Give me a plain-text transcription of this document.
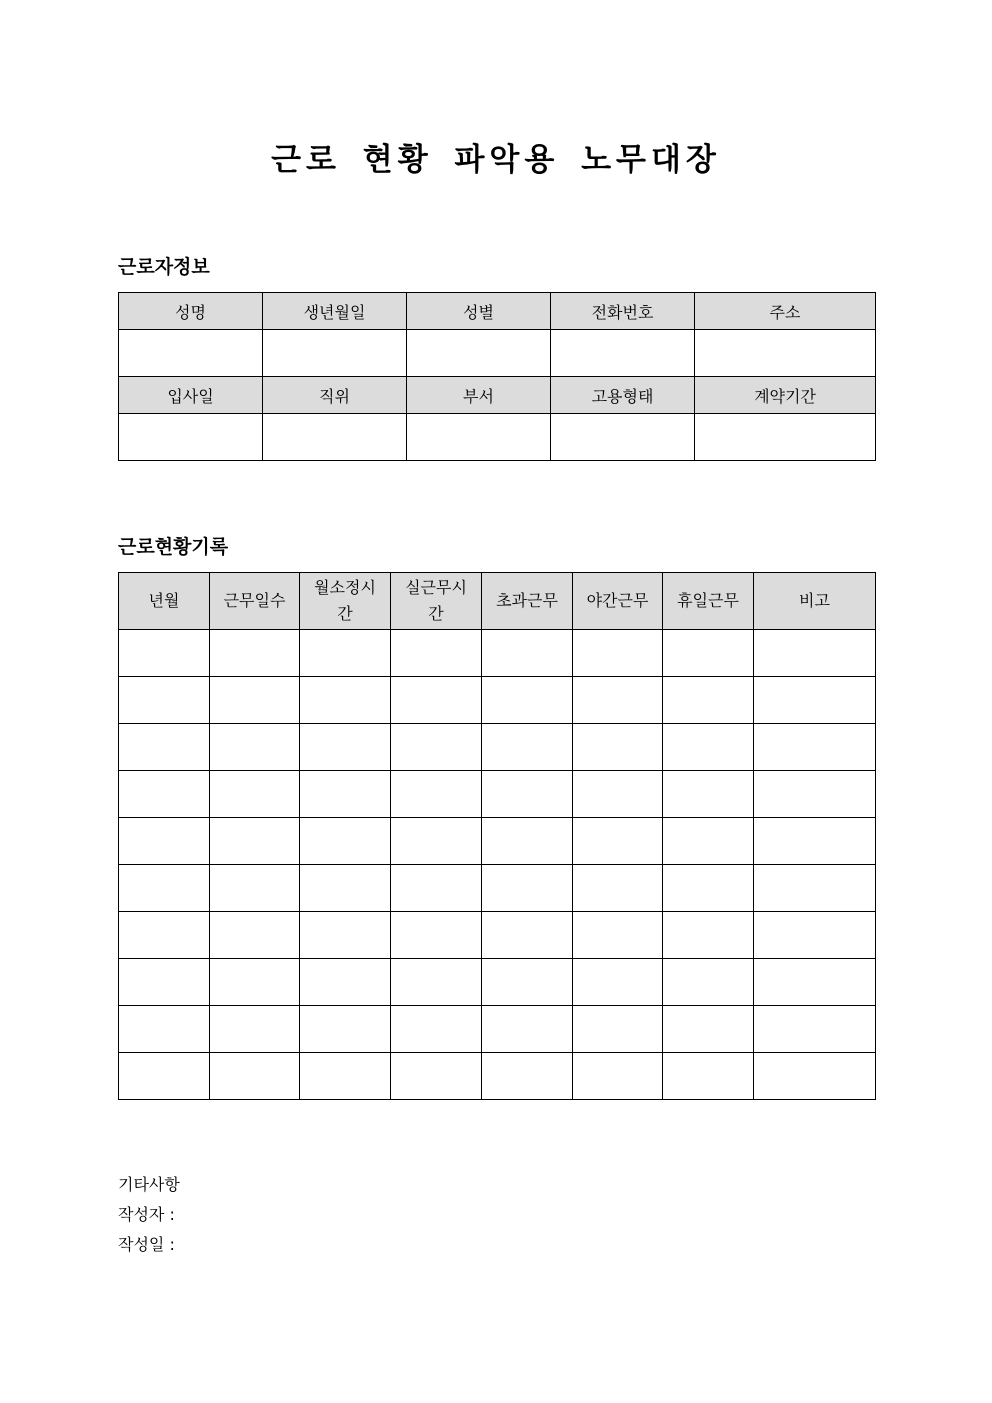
근로 현황 파악용 노무대장
근로자정보
성명	생년월일	성별	전화번호	주소

입사일	직위	부서	고용형태	계약기간

근로현황기록
년월	근무일수	월소정시간	실근무시간	초과근무	야간근무	휴일근무	비고

기타사항
작성자 :
작성일 :
